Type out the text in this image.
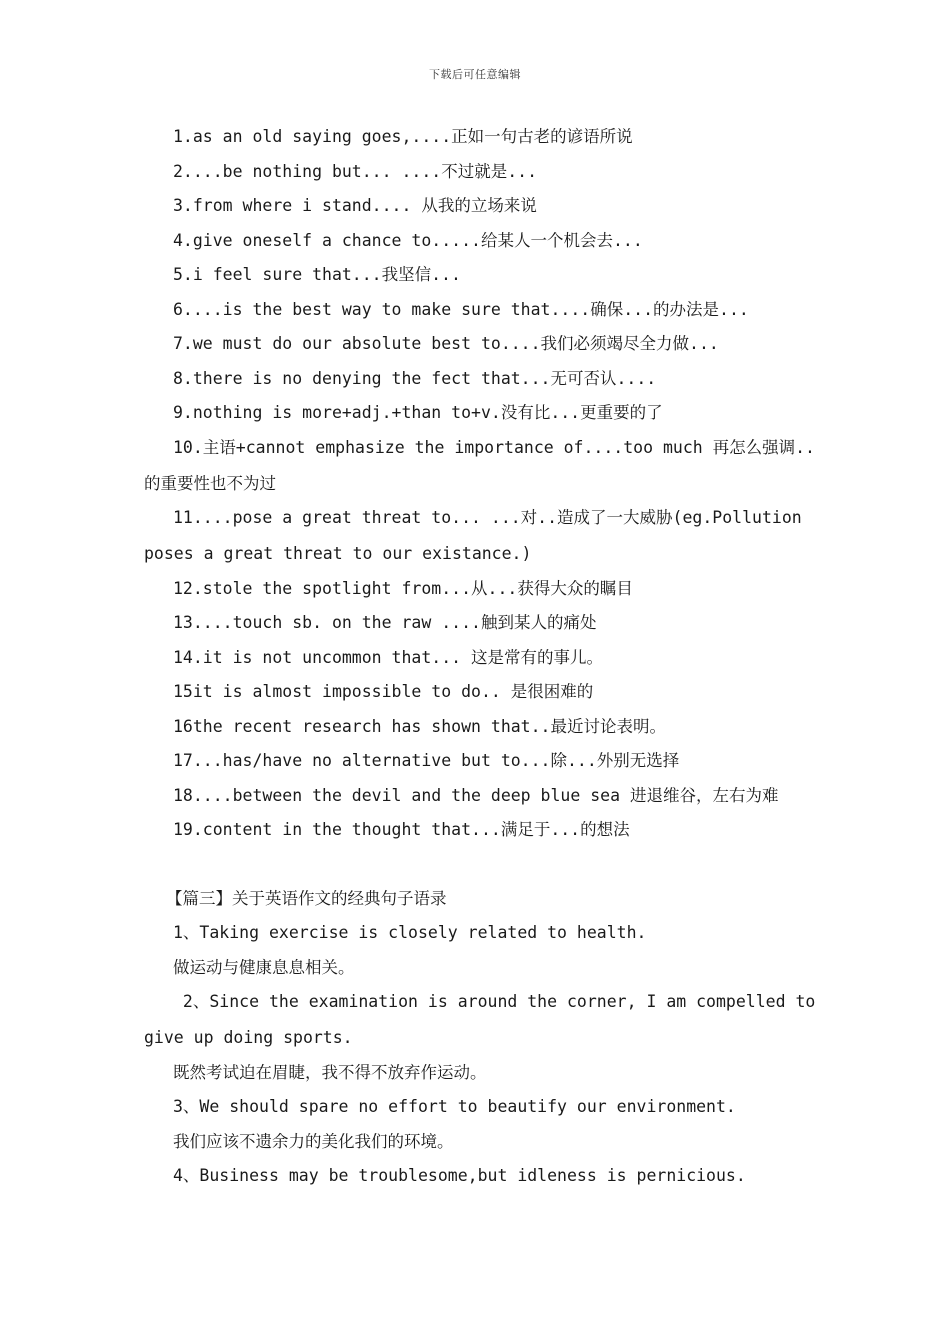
下载后可任意编辑

1.as an old saying goes,....正如一句古老的谚语所说

2....be nothing but... ....不过就是...

3.from where i stand.... 从我的立场来说

4.give oneself a chance to.....给某人一个机会去...

5.i feel sure that...我坚信...

6....is the best way to make sure that....确保...的办法是...

7.we must do our absolute best to....我们必须竭尽全力做...

8.there is no denying the fect that...无可否认....

9.nothing is more+adj.+than to+v.没有比...更重要的了

10.主语+cannot emphasize the importance of....too much 再怎么强调..

的重要性也不为过

11....pose a great threat to... ...对..造成了一大威胁(eg.Pollution

poses a great threat to our existance.)

12.stole the spotlight from...从...获得大众的瞩目

13....touch sb. on the raw ....触到某人的痛处

14.it is not uncommon that... 这是常有的事儿。

15it is almost impossible to do.. 是很困难的

16the recent research has shown that..最近讨论表明。

17...has/have no alternative but to...除...外别无选择

18....between the devil and the deep blue sea 进退维谷，左右为难

19.content in the thought that...满足于...的想法

【篇三】关于英语作文的经典句子语录

1、Taking exercise is closely related to health.

做运动与健康息息相关。

2、Since the examination is around the corner, I am compelled to

give up doing sports.

既然考试迫在眉睫，我不得不放弃作运动。

3、We should spare no effort to beautify our environment.

我们应该不遗余力的美化我们的环境。

4、Business may be troublesome,but idleness is pernicious.
